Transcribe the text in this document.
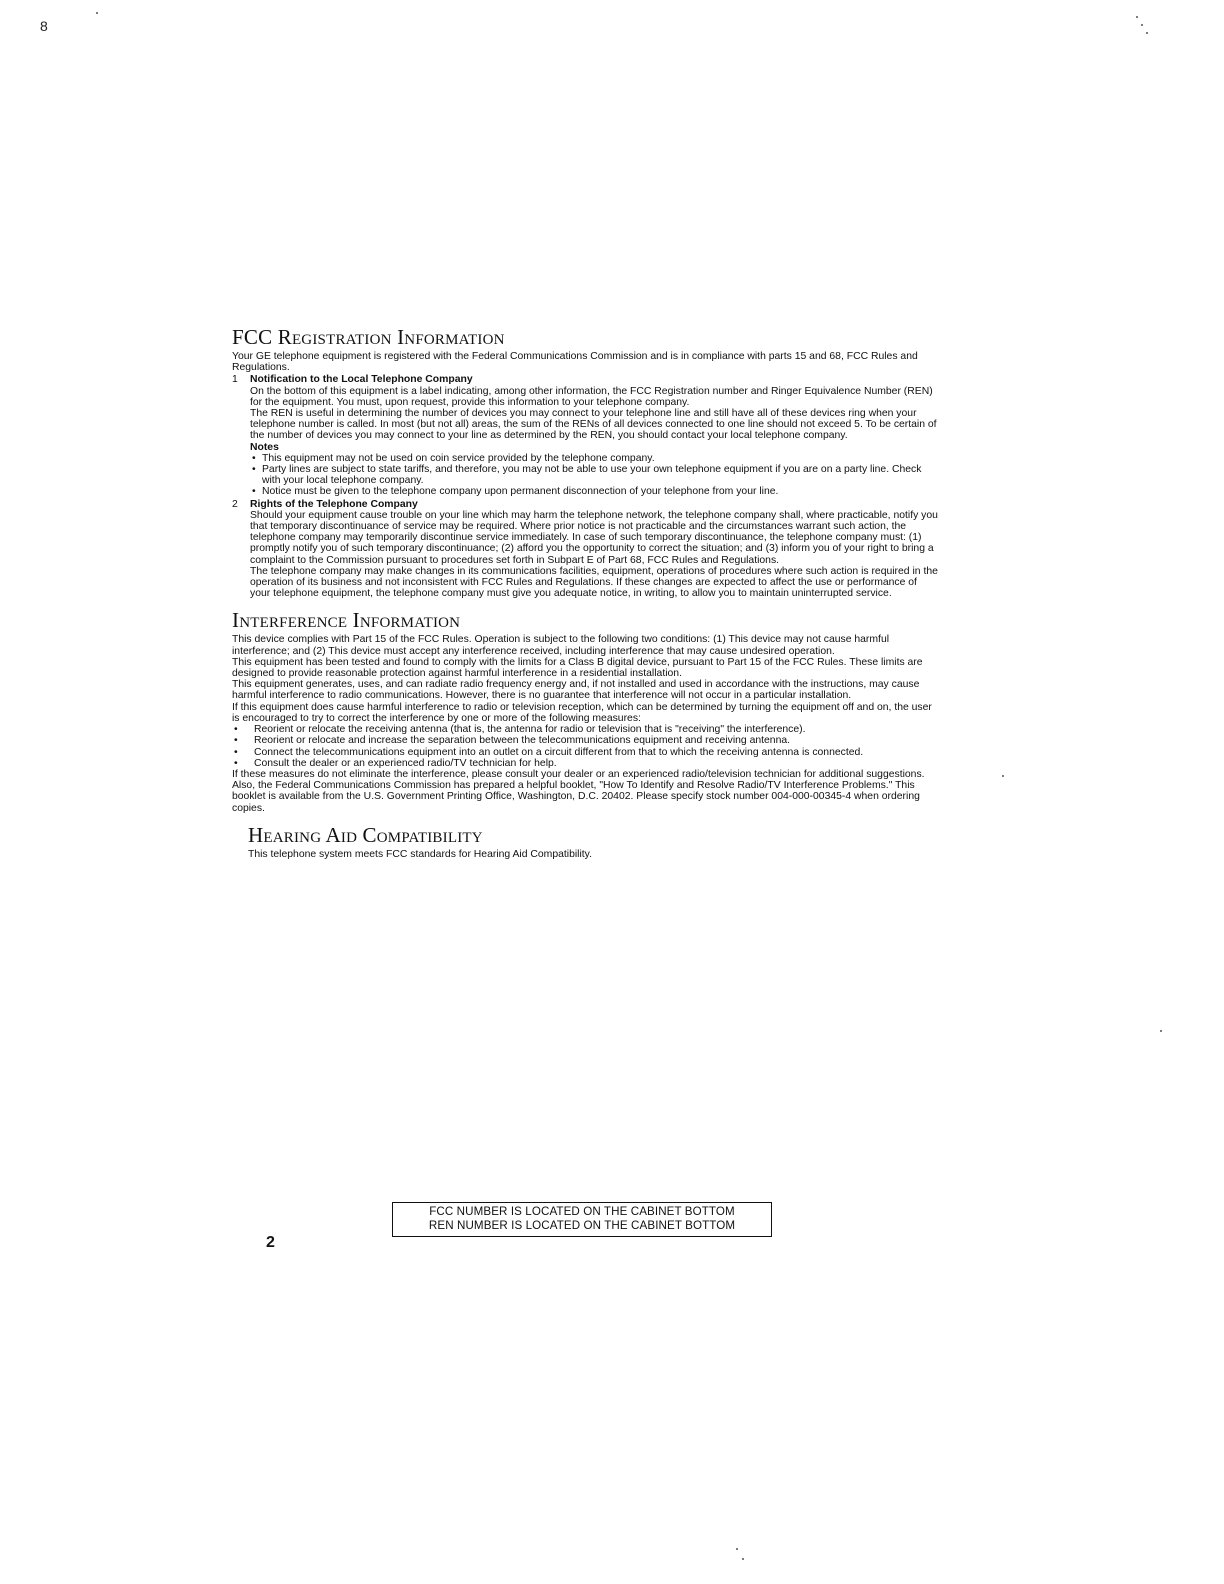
8
FCC Registration Information

Your GE telephone equipment is registered with the Federal Communications Commission and is in compliance with parts 15 and 68, FCC Rules and Regulations.

1	Notification to the Local Telephone Company

On the bottom of this equipment is a label indicating, among other information, the FCC Registration number and Ringer Equivalence Number (REN) for the equipment. You must, upon request, provide this information to your telephone company.

The REN is useful in determining the number of devices you may connect to your telephone line and still have all of these devices ring when your telephone number is called. In most (but not all) areas, the sum of the RENs of all devices connected to one line should not exceed 5. To be certain of the number of devices you may connect to your line as determined by the REN, you should contact your local telephone company.

Notes
• This equipment may not be used on coin service provided by the telephone company.
• Party lines are subject to state tariffs, and therefore, you may not be able to use your own telephone equipment if you are on a party line. Check with your local telephone company.
• Notice must be given to the telephone company upon permanent disconnection of your telephone from your line.
2	Rights of the Telephone Company

Should your equipment cause trouble on your line which may harm the telephone network, the telephone company shall, where practicable, notify you that temporary discontinuance of service may be required. Where prior notice is not practicable and the circumstances warrant such action, the telephone company may temporarily discontinue service immediately. In case of such temporary discontinuance, the telephone company must: (1) promptly notify you of such temporary discontinuance; (2) afford you the opportunity to correct the situation; and (3) inform you of your right to bring a complaint to the Commission pursuant to procedures set forth in Subpart E of Part 68, FCC Rules and Regulations.

The telephone company may make changes in its communications facilities, equipment, operations of procedures where such action is required in the operation of its business and not inconsistent with FCC Rules and Regulations. If these changes are expected to affect the use or performance of your telephone equipment, the telephone company must give you adequate notice, in writing, to allow you to maintain uninterrupted service.

Interference Information

This device complies with Part 15 of the FCC Rules. Operation is subject to the following two conditions: (1) This device may not cause harmful interference; and (2) This device must accept any interference received, including interference that may cause undesired operation.

This equipment has been tested and found to comply with the limits for a Class B digital device, pursuant to Part 15 of the FCC Rules. These limits are designed to provide reasonable protection against harmful interference in a residential installation.

This equipment generates, uses, and can radiate radio frequency energy and, if not installed and used in accordance with the instructions, may cause harmful interference to radio communications. However, there is no guarantee that interference will not occur in a particular installation.

If this equipment does cause harmful interference to radio or television reception, which can be determined by turning the equipment off and on, the user is encouraged to try to correct the interference by one or more of the following measures:

• Reorient or relocate the receiving antenna (that is, the antenna for radio or television that is "receiving" the interference).
• Reorient or relocate and increase the separation between the telecommunications equipment and receiving antenna.
• Connect the telecommunications equipment into an outlet on a circuit different from that to which the receiving antenna is connected.
• Consult the dealer or an experienced radio/TV technician for help.

If these measures do not eliminate the interference, please consult your dealer or an experienced radio/television technician for additional suggestions. Also, the Federal Communications Commission has prepared a helpful booklet, "How To Identify and Resolve Radio/TV Interference Problems." This booklet is available from the U.S. Government Printing Office, Washington, D.C. 20402. Please specify stock number 004-000-00345-4 when ordering copies.

Hearing Aid Compatibility

This telephone system meets FCC standards for Hearing Aid Compatibility.

FCC NUMBER IS LOCATED ON THE CABINET BOTTOM
REN NUMBER IS LOCATED ON THE CABINET BOTTOM
2
